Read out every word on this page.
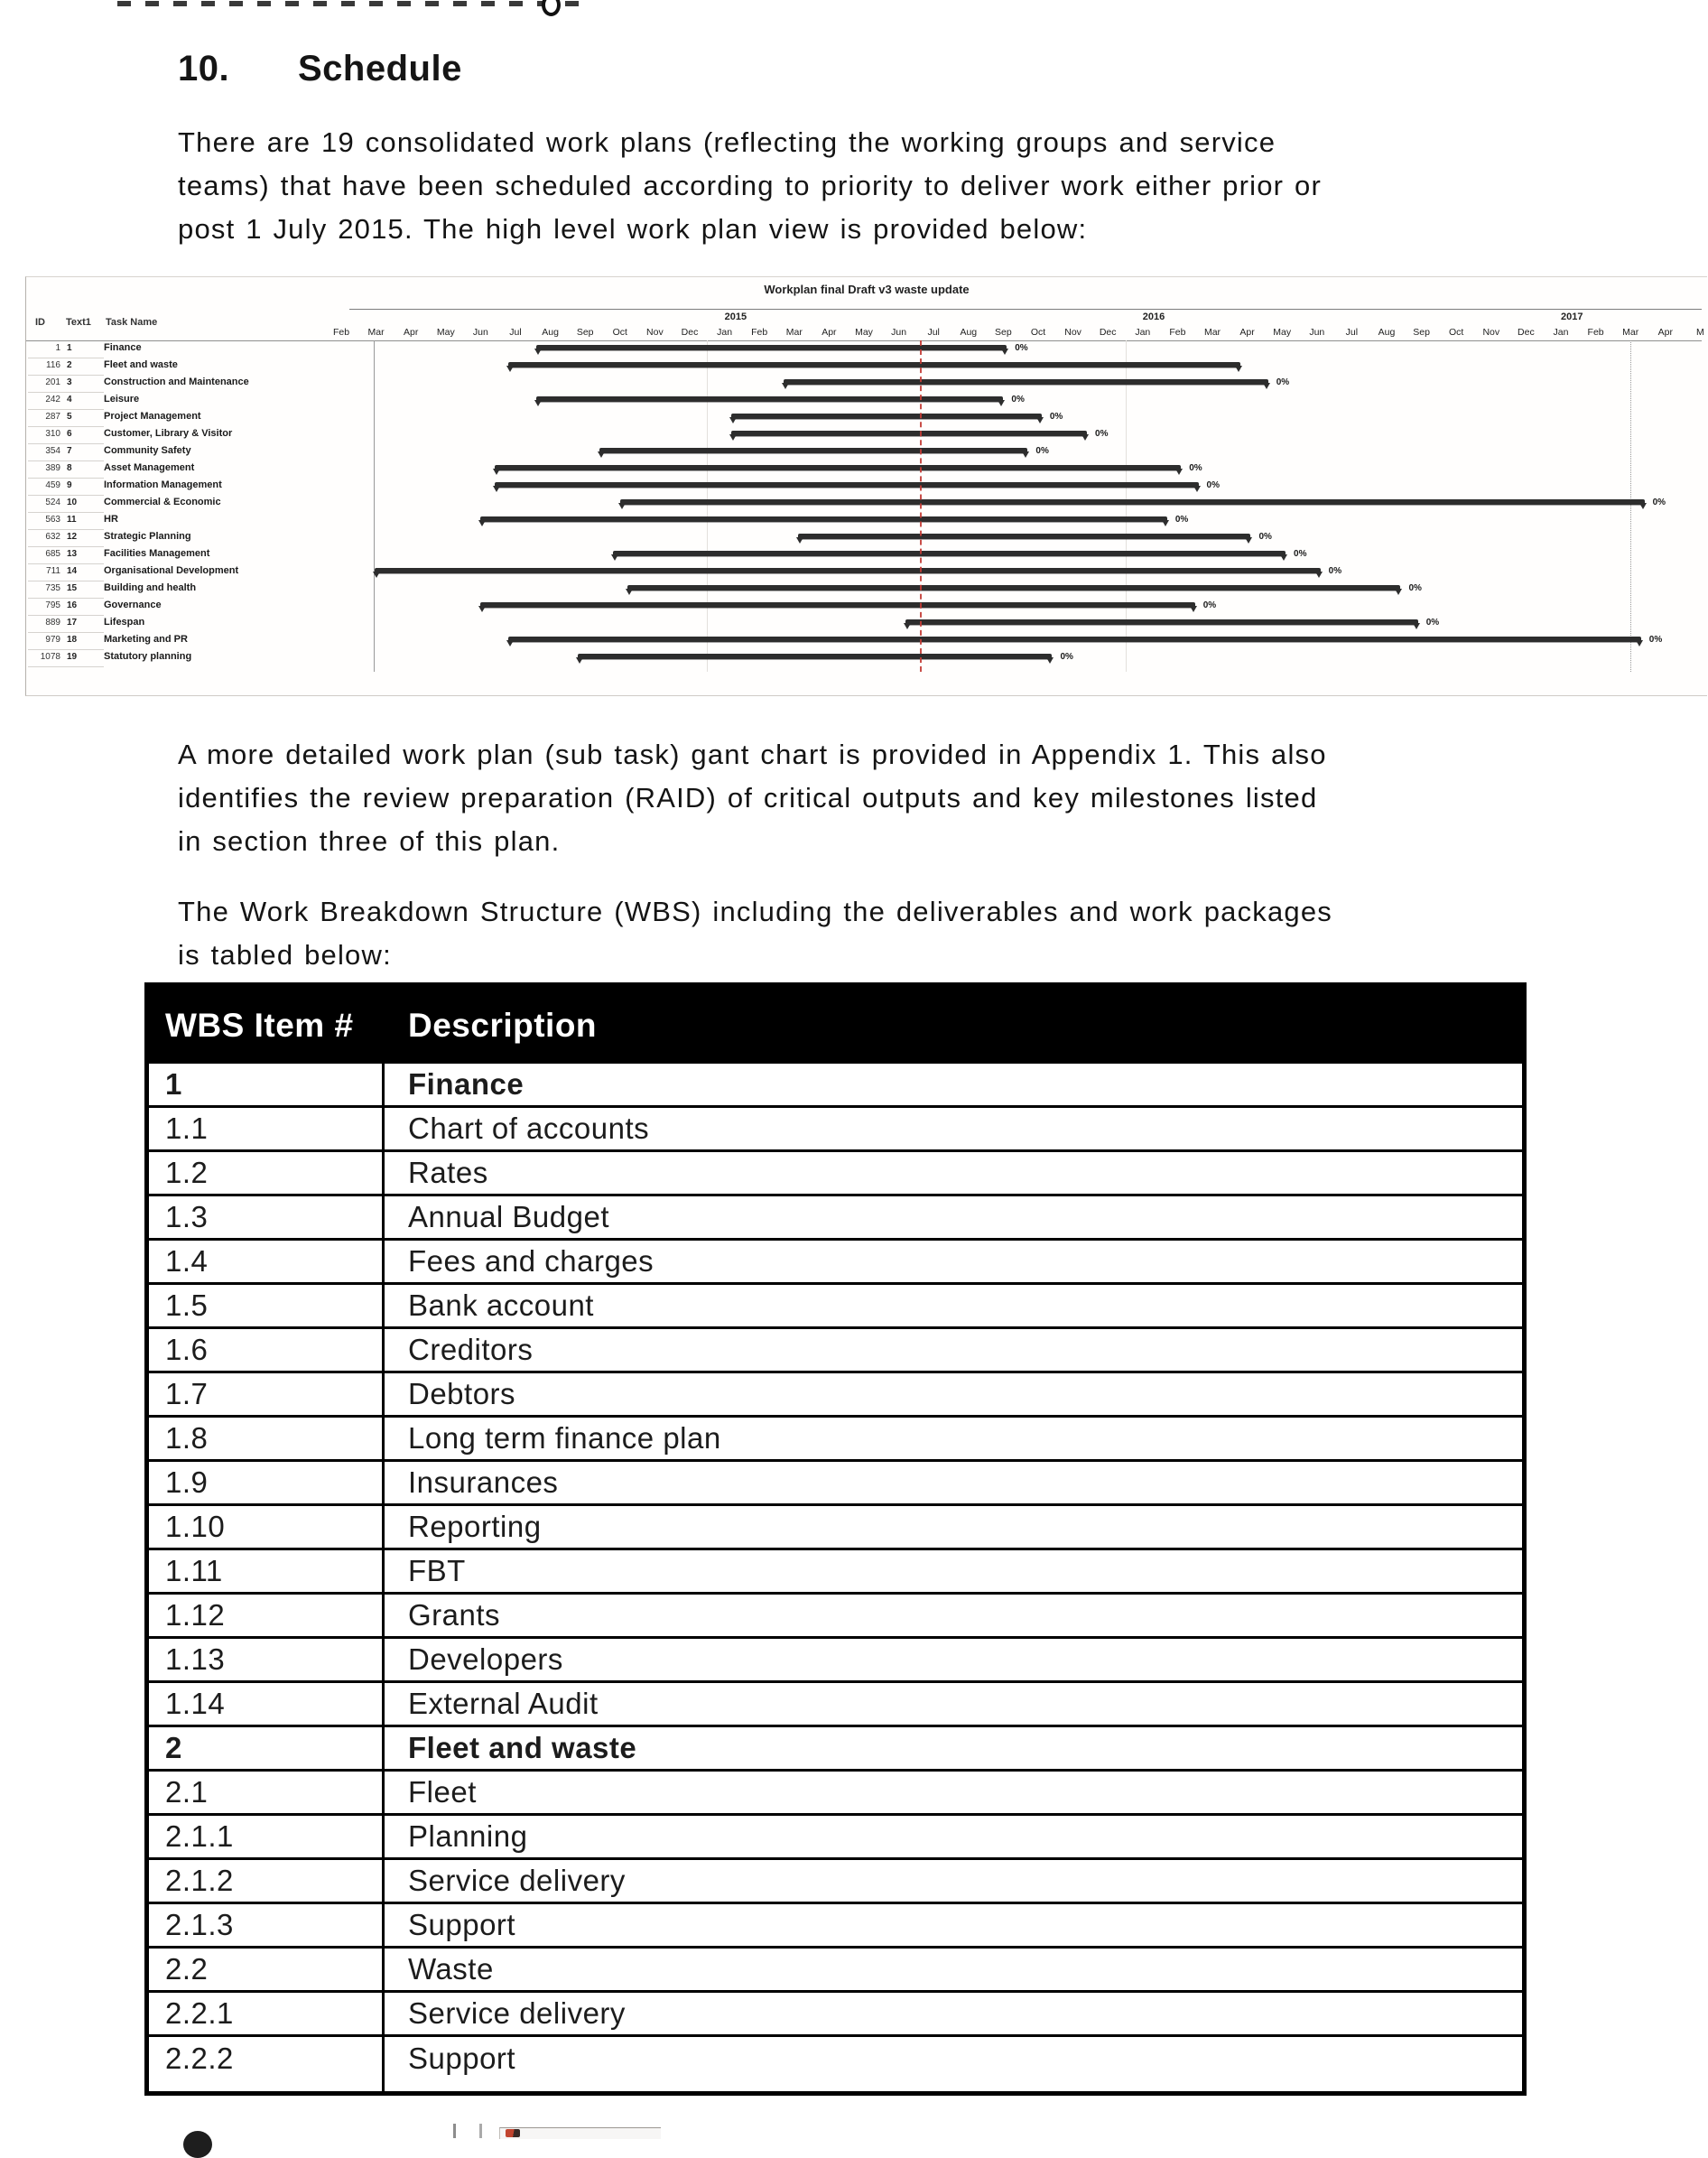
10.	Schedule
There are 19 consolidated work plans (reflecting the working groups and service
teams) that have been scheduled according to priority to deliver work either prior or
post 1 July 2015. The high level work plan view is provided below:
A more detailed work plan (sub task) gant chart is provided in Appendix 1. This also
identifies the review preparation (RAID) of critical outputs and key milestones listed
in section three of this plan.
The Work Breakdown Structure (WBS) including the deliverables and work packages
is tabled below:
Workplan final Draft v3 waste update
ID Text1 Task Name	2015	2016	2017
Feb Mar Apr May Jun Jul Aug Sep Oct Nov Dec Jan Feb Mar Apr May Jun Jul Aug Sep Oct Nov Dec Jan Feb Mar Apr May Jun Jul Aug Sep Oct Nov Dec Jan Feb Mar Apr M
1 1	Finance	0%
116 2	Fleet and waste
201 3	Construction and Maintenance	0%
242 4	Leisure	0%
287 5	Project Management	0%
310 6	Customer, Library & Visitor	0%
354 7	Community Safety	0%
389 8	Asset Management	0%
459 9	Information Management	0%
524 10	Commercial & Economic	0%
563 11	HR	0%
632 12	Strategic Planning	0%
685 13	Facilities Management	0%
711 14	Organisational Development	0%
735 15	Building and health	0%
795 16	Governance	0%
889 17	Lifespan	0%
979 18	Marketing and PR	0%
1078 19	Statutory planning	0%
WBS Item #	Description
1	Finance
1.1	Chart of accounts
1.2	Rates
1.3	Annual Budget
1.4	Fees and charges
1.5	Bank account
1.6	Creditors
1.7	Debtors
1.8	Long term finance plan
1.9	Insurances
1.10	Reporting
1.11	FBT
1.12	Grants
1.13	Developers
1.14	External Audit
2	Fleet and waste
2.1	Fleet
2.1.1	Planning
2.1.2	Service delivery
2.1.3	Support
2.2	Waste
2.2.1	Service delivery
2.2.2	Support
